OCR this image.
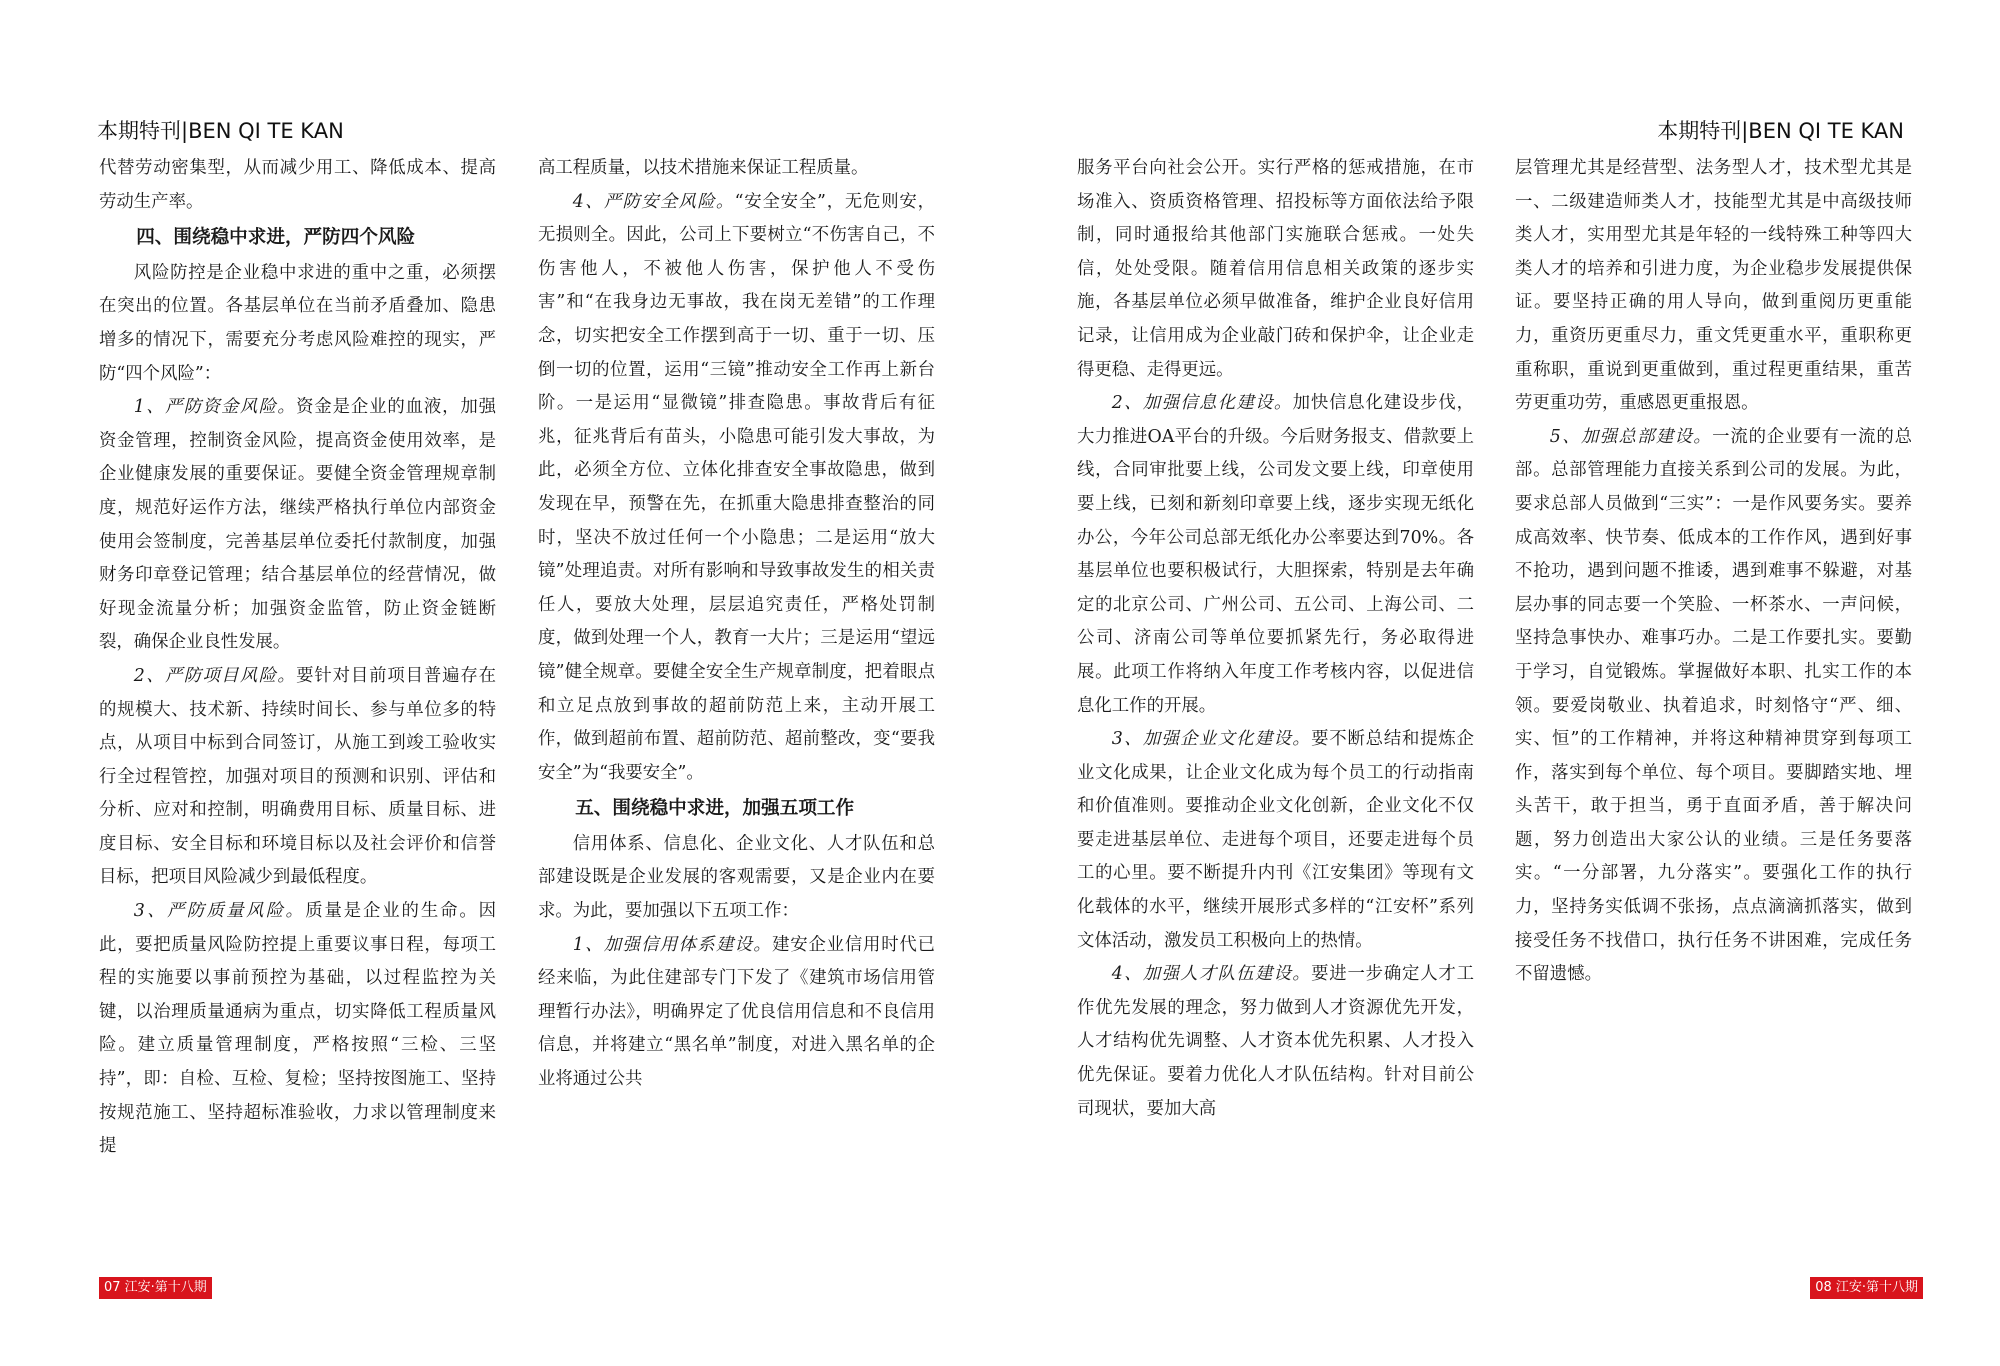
本期特刊|BEN QI TE KAN	本期特刊|BEN QI TE KAN

代替劳动密集型，从而减少用工、降低成本、提高劳动生产率。

四、围绕稳中求进，严防四个风险

风险防控是企业稳中求进的重中之重，必须摆在突出的位置。各基层单位在当前矛盾叠加、隐患增多的情况下，需要充分考虑风险难控的现实，严防“四个风险”：

1、严防资金风险。资金是企业的血液，加强资金管理，控制资金风险，提高资金使用效率，是企业健康发展的重要保证。要健全资金管理规章制度，规范好运作方法，继续严格执行单位内部资金使用会签制度，完善基层单位委托付款制度，加强财务印章登记管理；结合基层单位的经营情况，做好现金流量分析；加强资金监管，防止资金链断裂，确保企业良性发展。

2、严防项目风险。要针对目前项目普遍存在的规模大、技术新、持续时间长、参与单位多的特点，从项目中标到合同签订，从施工到竣工验收实行全过程管控，加强对项目的预测和识别、评估和分析、应对和控制，明确费用目标、质量目标、进度目标、安全目标和环境目标以及社会评价和信誉目标，把项目风险减少到最低程度。

3、严防质量风险。质量是企业的生命。因此，要把质量风险防控提上重要议事日程，每项工程的实施要以事前预控为基础，以过程监控为关键，以治理质量通病为重点，切实降低工程质量风险。建立质量管理制度，严格按照“三检、三坚持”，即：自检、互检、复检；坚持按图施工、坚持按规范施工、坚持超标准验收，力求以管理制度来提

高工程质量，以技术措施来保证工程质量。

4、严防安全风险。“安全安全”，无危则安，无损则全。因此，公司上下要树立“不伤害自己，不伤害他人，不被他人伤害，保护他人不受伤害”和“在我身边无事故，我在岗无差错”的工作理念，切实把安全工作摆到高于一切、重于一切、压倒一切的位置，运用“三镜”推动安全工作再上新台阶。一是运用“显微镜”排查隐患。事故背后有征兆，征兆背后有苗头，小隐患可能引发大事故，为此，必须全方位、立体化排查安全事故隐患，做到发现在早，预警在先，在抓重大隐患排查整治的同时，坚决不放过任何一个小隐患；二是运用“放大镜”处理追责。对所有影响和导致事故发生的相关责任人，要放大处理，层层追究责任，严格处罚制度，做到处理一个人，教育一大片；三是运用“望远镜”健全规章。要健全安全生产规章制度，把着眼点和立足点放到事故的超前防范上来，主动开展工作，做到超前布置、超前防范、超前整改，变“要我安全”为“我要安全”。

五、围绕稳中求进，加强五项工作

信用体系、信息化、企业文化、人才队伍和总部建设既是企业发展的客观需要，又是企业内在要求。为此，要加强以下五项工作：

1、加强信用体系建设。建安企业信用时代已经来临，为此住建部专门下发了《建筑市场信用管理暂行办法》，明确界定了优良信用信息和不良信用信息，并将建立“黑名单”制度，对进入黑名单的企业将通过公共

服务平台向社会公开。实行严格的惩戒措施，在市场准入、资质资格管理、招投标等方面依法给予限制，同时通报给其他部门实施联合惩戒。一处失信，处处受限。随着信用信息相关政策的逐步实施，各基层单位必须早做准备，维护企业良好信用记录，让信用成为企业敲门砖和保护伞，让企业走得更稳、走得更远。

2、加强信息化建设。加快信息化建设步伐，大力推进OA平台的升级。今后财务报支、借款要上线，合同审批要上线，公司发文要上线，印章使用要上线，已刻和新刻印章要上线，逐步实现无纸化办公，今年公司总部无纸化办公率要达到70%。各基层单位也要积极试行，大胆探索，特别是去年确定的北京公司、广州公司、五公司、上海公司、二公司、济南公司等单位要抓紧先行，务必取得进展。此项工作将纳入年度工作考核内容，以促进信息化工作的开展。

3、加强企业文化建设。要不断总结和提炼企业文化成果，让企业文化成为每个员工的行动指南和价值准则。要推动企业文化创新，企业文化不仅要走进基层单位、走进每个项目，还要走进每个员工的心里。要不断提升内刊《江安集团》等现有文化载体的水平，继续开展形式多样的“江安杯”系列文体活动，激发员工积极向上的热情。

4、加强人才队伍建设。要进一步确定人才工作优先发展的理念，努力做到人才资源优先开发，人才结构优先调整、人才资本优先积累、人才投入优先保证。要着力优化人才队伍结构。针对目前公司现状，要加大高

层管理尤其是经营型、法务型人才，技术型尤其是一、二级建造师类人才，技能型尤其是中高级技师类人才，实用型尤其是年轻的一线特殊工种等四大类人才的培养和引进力度，为企业稳步发展提供保证。要坚持正确的用人导向，做到重阅历更重能力，重资历更重尽力，重文凭更重水平，重职称更重称职，重说到更重做到，重过程更重结果，重苦劳更重功劳，重感恩更重报恩。

5、加强总部建设。一流的企业要有一流的总部。总部管理能力直接关系到公司的发展。为此，要求总部人员做到“三实”：一是作风要务实。要养成高效率、快节奏、低成本的工作作风，遇到好事不抢功，遇到问题不推诿，遇到难事不躲避，对基层办事的同志要一个笑脸、一杯茶水、一声问候，坚持急事快办、难事巧办。二是工作要扎实。要勤于学习，自觉锻炼。掌握做好本职、扎实工作的本领。要爱岗敬业、执着追求，时刻恪守“严、细、实、恒”的工作精神，并将这种精神贯穿到每项工作，落实到每个单位、每个项目。要脚踏实地、埋头苦干，敢于担当，勇于直面矛盾，善于解决问题，努力创造出大家公认的业绩。三是任务要落实。“一分部署，九分落实”。要强化工作的执行力，坚持务实低调不张扬，点点滴滴抓落实，做到接受任务不找借口，执行任务不讲困难，完成任务不留遗憾。

07 江安·第十八期	08 江安·第十八期
